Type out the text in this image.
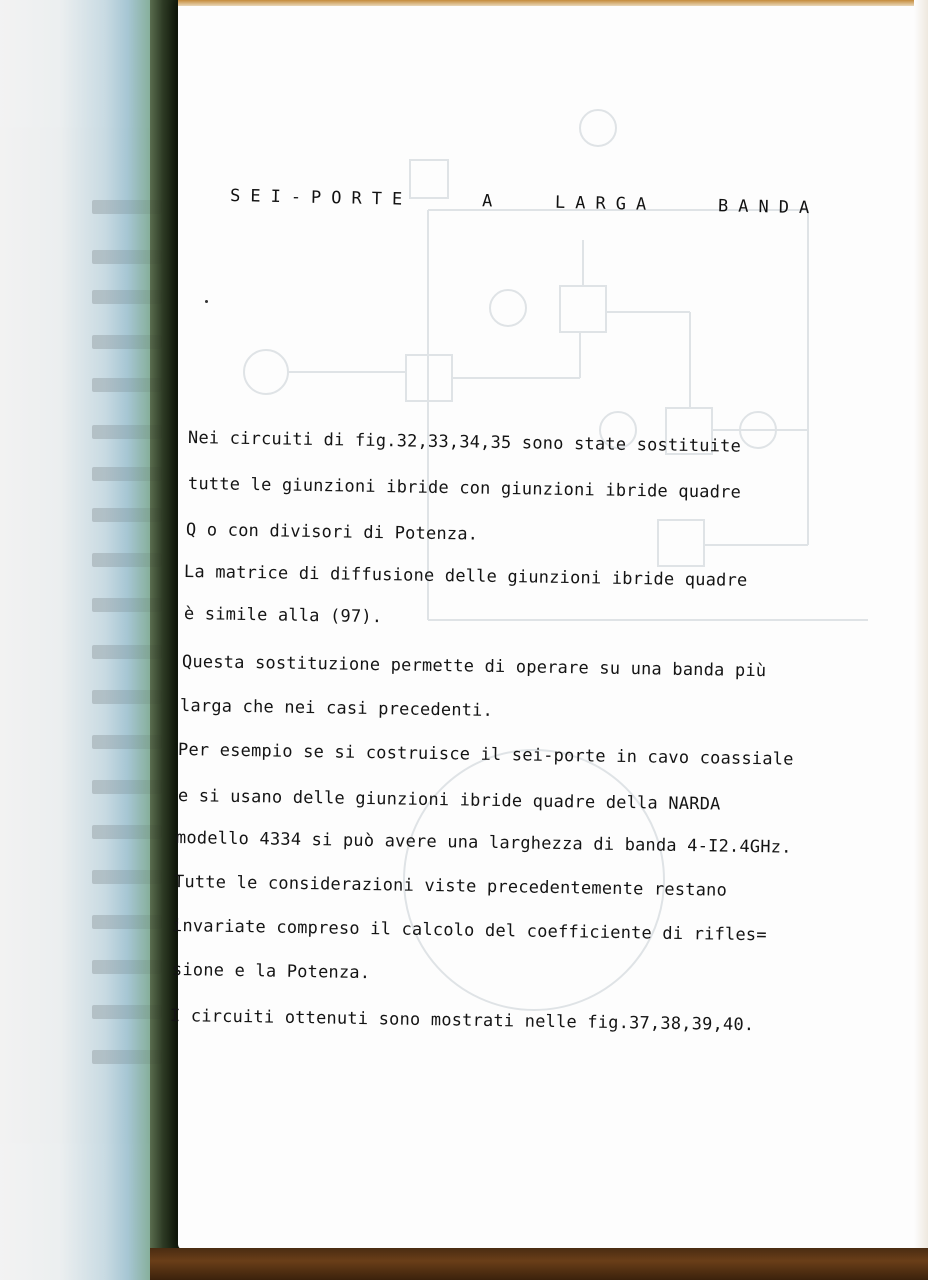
SEI-PORTE	A	LARGA	BANDA
Nei circuiti di fig.32,33,34,35 sono state sostituite
tutte le giunzioni ibride con giunzioni ibride quadre
Q o con divisori di Potenza.
La matrice di diffusione delle giunzioni ibride quadre
è simile alla (97).
Questa sostituzione permette di operare su una banda più
larga che nei casi precedenti.
Per esempio se si costruisce il sei-porte in cavo coassiale
e si usano delle giunzioni ibride quadre della NARDA
modello 4334 si può avere una larghezza di banda 4-I2.4GHz.
Tutte le considerazioni viste precedentemente restano
invariate compreso il calcolo del coefficiente di rifles=
sione e la Potenza.
I circuiti ottenuti sono mostrati nelle fig.37,38,39,40.
